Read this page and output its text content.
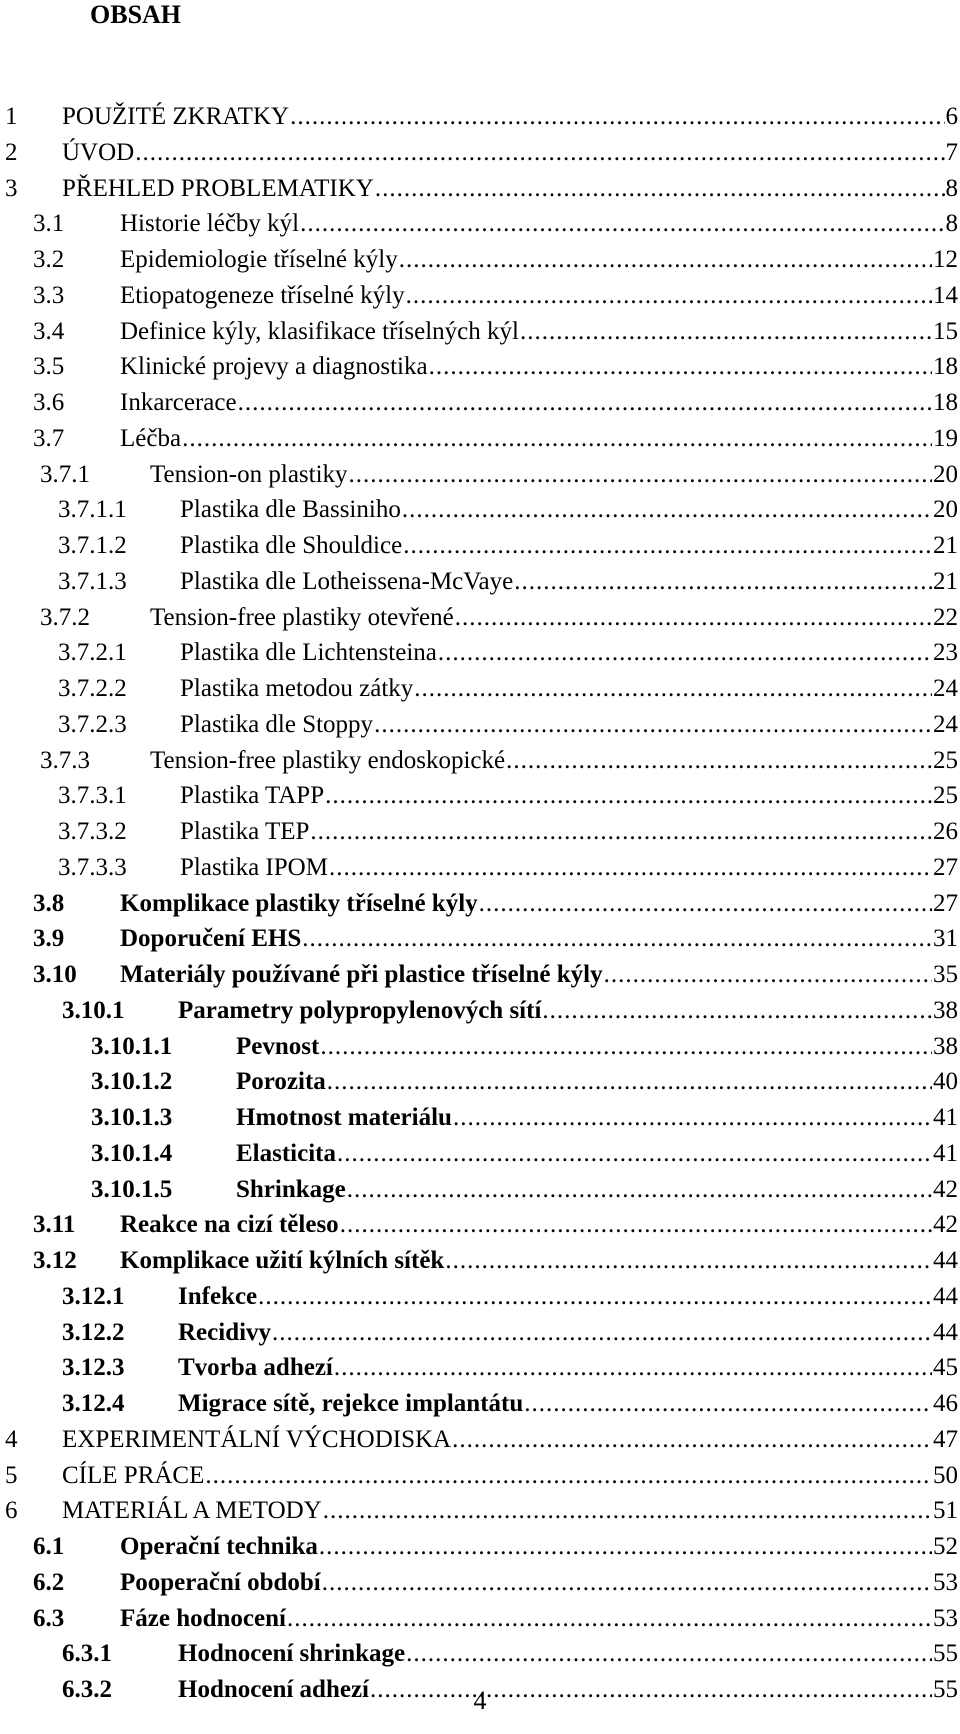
OBSAH
1 POUŽITÉ ZKRATKY .....	6
2 ÚVOD .....	7
3 PŘEHLED PROBLEMATIKY .....	8
3.1 Historie léčby kýl .....	8
3.2 Epidemiologie tříselné kýly .....	12
3.3 Etiopatogeneze tříselné kýly .....	14
3.4 Definice kýly, klasifikace tříselných kýl .....	15
3.5 Klinické projevy a diagnostika .....	18
3.6 Inkarcerace .....	18
3.7 Léčba .....	19
3.7.1 Tension-on plastiky .....	20
3.7.1.1 Plastika dle Bassiniho .....	20
3.7.1.2 Plastika dle Shouldice .....	21
3.7.1.3 Plastika dle Lotheissena-McVaye .....	21
3.7.2 Tension-free plastiky otevřené .....	22
3.7.2.1 Plastika dle Lichtensteina .....	23
3.7.2.2 Plastika metodou zátky .....	24
3.7.2.3 Plastika dle Stoppy .....	24
3.7.3 Tension-free plastiky endoskopické .....	25
3.7.3.1 Plastika TAPP .....	25
3.7.3.2 Plastika TEP .....	26
3.7.3.3 Plastika IPOM .....	27
3.8 Komplikace plastiky tříselné kýly .....	27
3.9 Doporučení EHS .....	31
3.10 Materiály používané při plastice tříselné kýly .....	35
3.10.1 Parametry polypropylenových sítí .....	38
3.10.1.1	Pevnost .....	38
3.10.1.2	Porozita .....	40
3.10.1.3	Hmotnost materiálu .....	41
3.10.1.4	Elasticita .....	41
3.10.1.5	Shrinkage .....	42
3.11 Reakce na cizí těleso .....	42
3.12 Komplikace užití kýlních sítěk .....	44
3.12.1 Infekce .....	44
3.12.2 Recidivy .....	44
3.12.3 Tvorba adhezí .....	45
3.12.4 Migrace sítě, rejekce implantátu .....	46
4 EXPERIMENTÁLNÍ VÝCHODISKA .....	47
5 CÍLE PRÁCE .....	50
6 MATERIÁL A METODY .....	51
6.1 Operační technika .....	52
6.2 Pooperační období .....	53
6.3 Fáze hodnocení .....	53
6.3.1	Hodnocení shrinkage .....	55
6.3.2	Hodnocení adhezí .....	55
4
